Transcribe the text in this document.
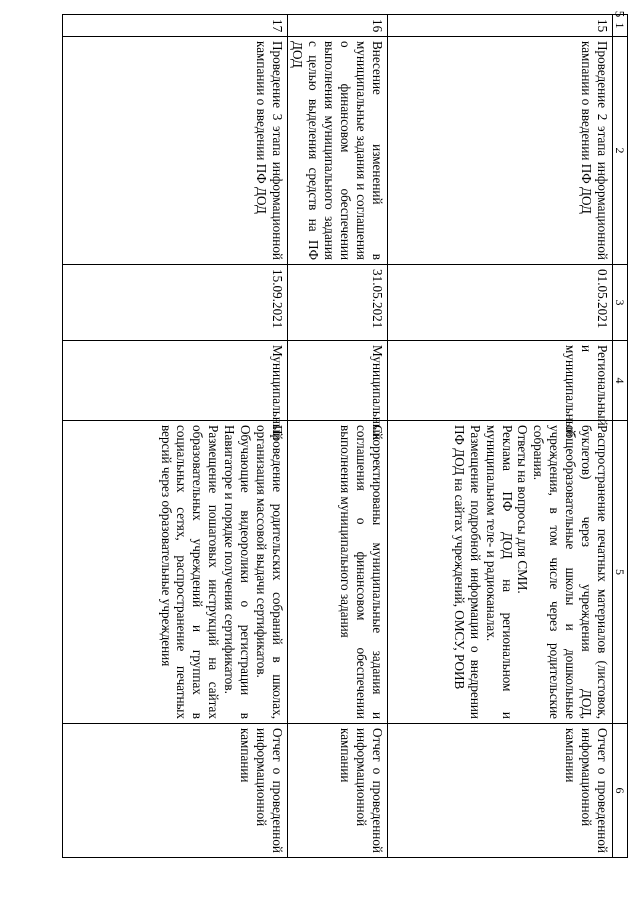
5
1	2	3	4	5	6
15	Проведение 2 этапа информационной кампании о введении ПФ ДОД	01.05.2021	Региональный и муниципальный	Распространение печатных материалов (листовок, буклетов) через учреждения ДОД, общеобразовательные школы и дошкольные учреждения, в том числе через родительские собрания.
Ответы на вопросы для СМИ.
Реклама ПФ ДОД на региональном и муниципальном теле- и радиоканалах.
Размещение подробной информации о внедрении ПФ ДОД на сайтах учреждений, ОМСУ, РОИВ	Отчет о проведенной информационной кампании
16	Внесение изменений в муниципальные задания и соглашения о финансовом обеспечении выполнения муниципального задания с целью выделения средств на ПФ ДОД	31.05.2021	Муниципальный	Скорректированы муниципальные задания и соглашения о финансовом обеспечении выполнения муниципального задания	Отчет о проведенной информационной кампании
17	Проведение 3 этапа информационной кампании о введении ПФ ДОД	15.09.2021	Муниципальный	Проведение родительских собраний в школах, организация массовой выдачи сертификатов.
Обучающие видеоролики о регистрации в Навигаторе и порядке получения сертификатов.
Размещение пошаговых инструкций на сайтах образовательных учреждений и группах в социальных сетях, распространение печатных версий через образовательные учреждения	Отчет о проведенной информационной кампании
